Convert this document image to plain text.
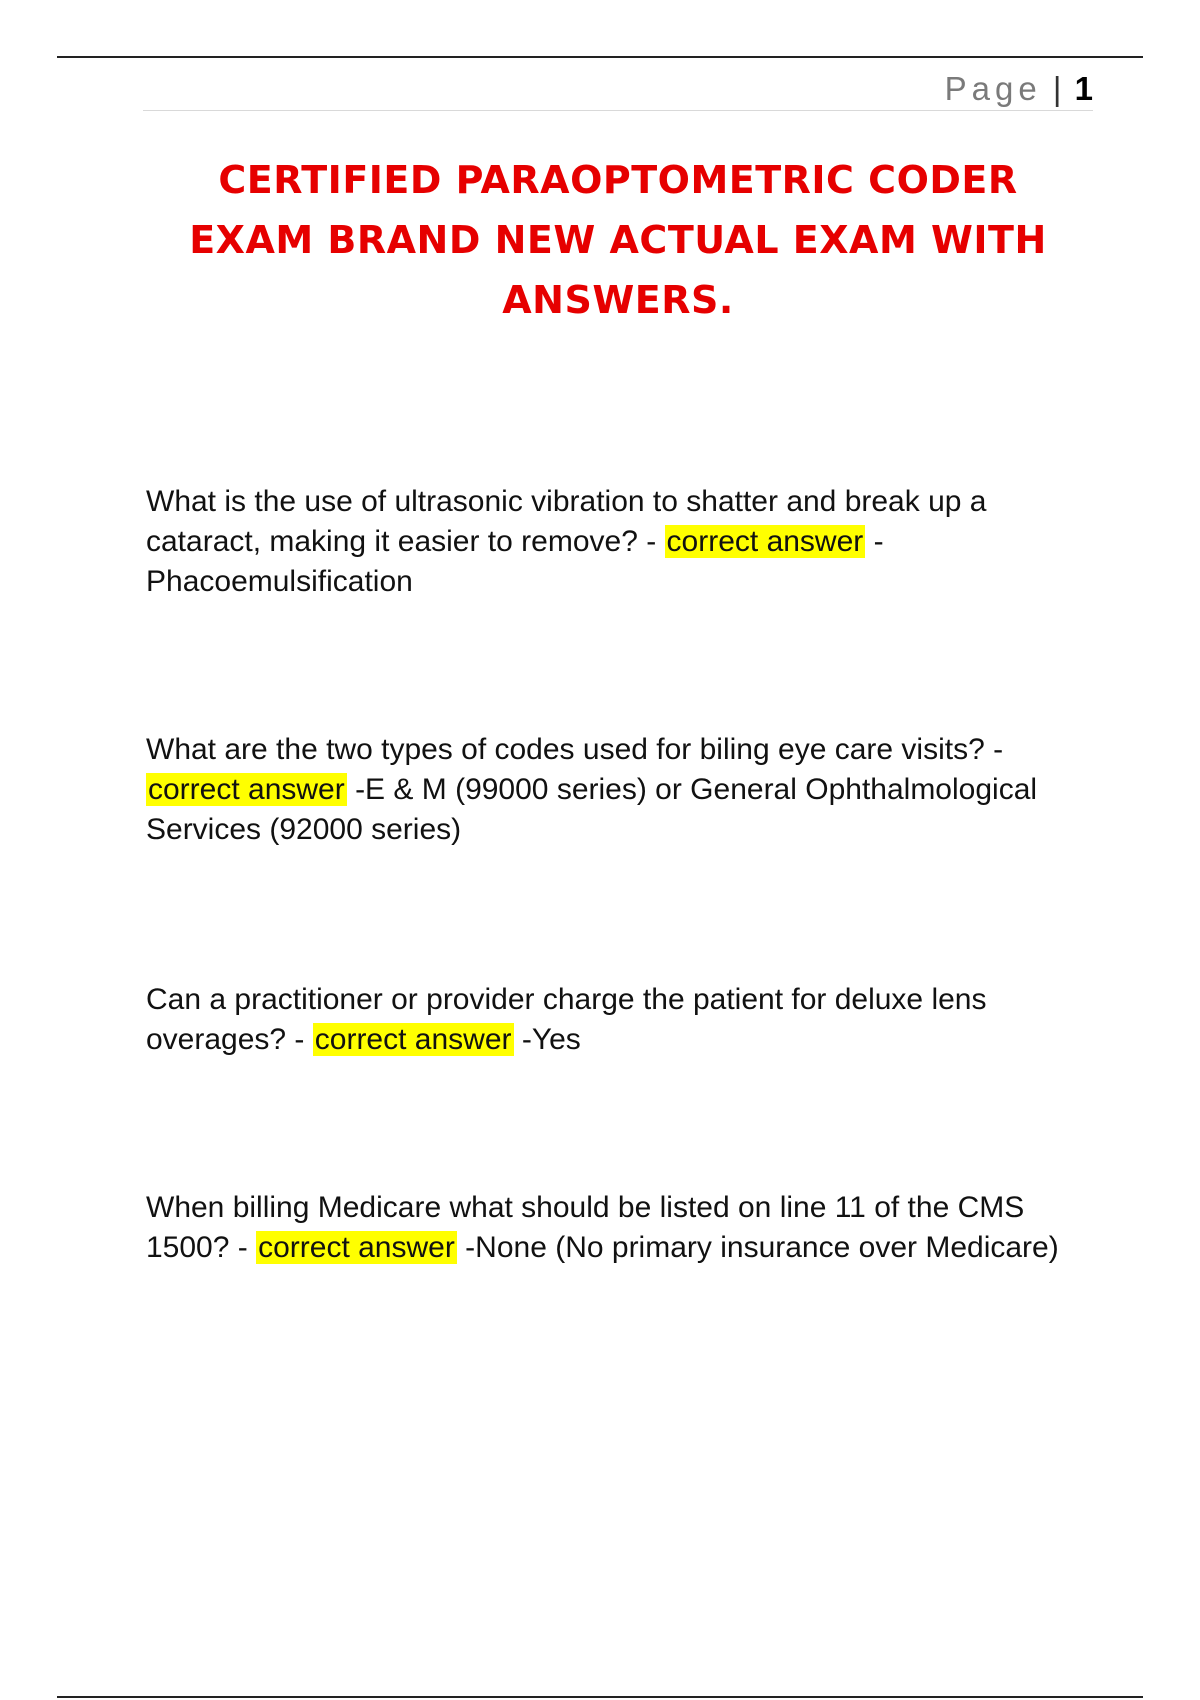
Page | 1
CERTIFIED PARAOPTOMETRIC CODER
EXAM BRAND NEW ACTUAL EXAM WITH
ANSWERS.

What is the use of ultrasonic vibration to shatter and break up a cataract, making it easier to remove? - correct answer -Phacoemulsification

What are the two types of codes used for biling eye care visits? - correct answer -E & M (99000 series) or General Ophthalmological Services (92000 series)

Can a practitioner or provider charge the patient for deluxe lens overages? - correct answer -Yes

When billing Medicare what should be listed on line 11 of the CMS 1500? - correct answer -None (No primary insurance over Medicare)
